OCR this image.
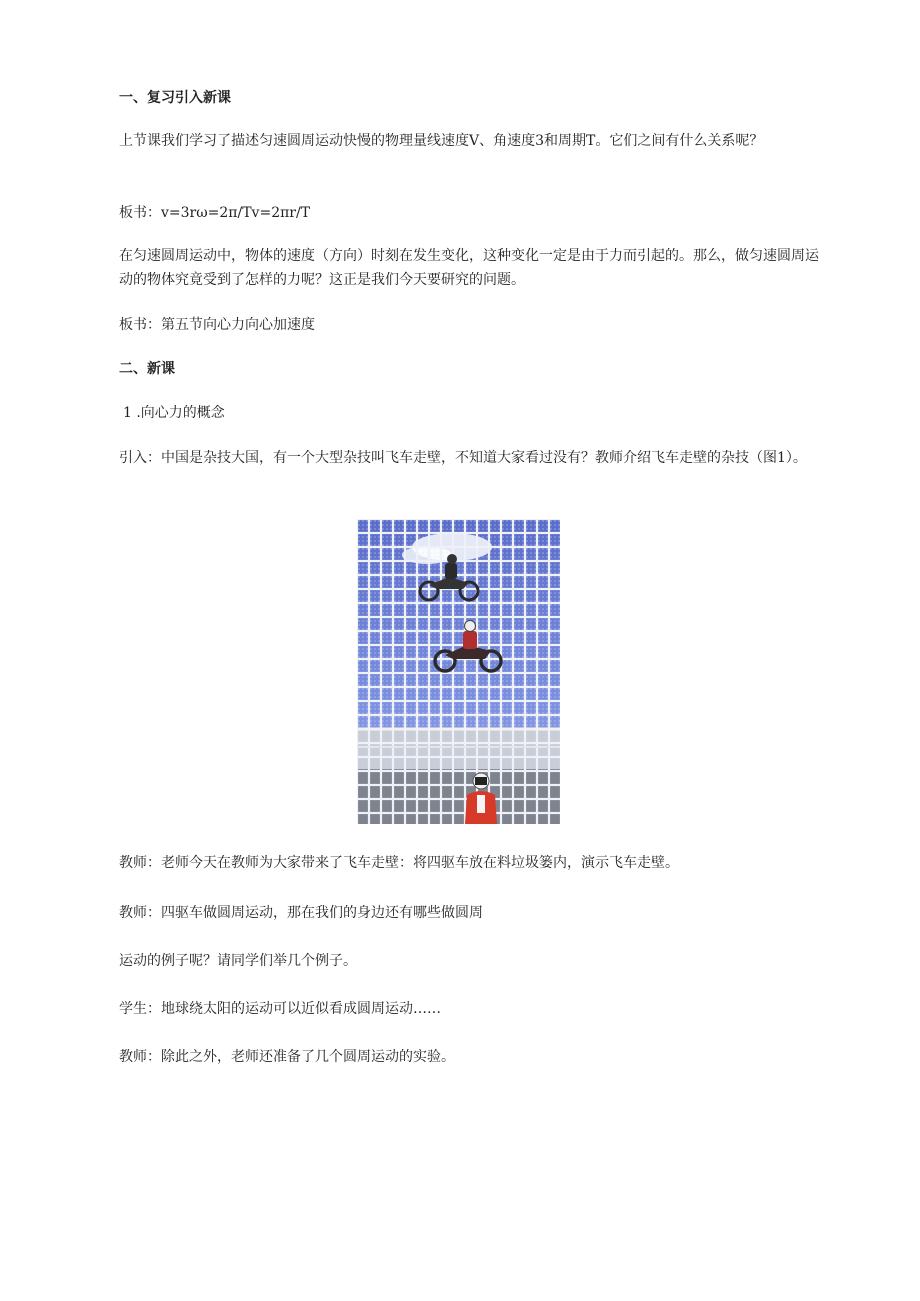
一、复习引入新课

上节课我们学习了描述匀速圆周运动快慢的物理量线速度V、角速度3和周期T。它们之间有什么关系呢？

板书：v=3rω=2π/Tv=2πr/T

在匀速圆周运动中，物体的速度（方向）时刻在发生变化，这种变化一定是由于力而引起的。那么，做匀速圆周运动的物体究竟受到了怎样的力呢？这正是我们今天要研究的问题。

板书：第五节向心力向心加速度

二、新课

1 .向心力的概念

引入：中国是杂技大国，有一个大型杂技叫飞车走壁，不知道大家看过没有？教师介绍飞车走壁的杂技（图1）。

教师：老师今天在教师为大家带来了飞车走壁：将四驱车放在料垃圾篓内，演示飞车走壁。

教师：四驱车做圆周运动，那在我们的身边还有哪些做圆周

运动的例子呢？请同学们举几个例子。

学生：地球绕太阳的运动可以近似看成圆周运动……

教师：除此之外，老师还准备了几个圆周运动的实验。
